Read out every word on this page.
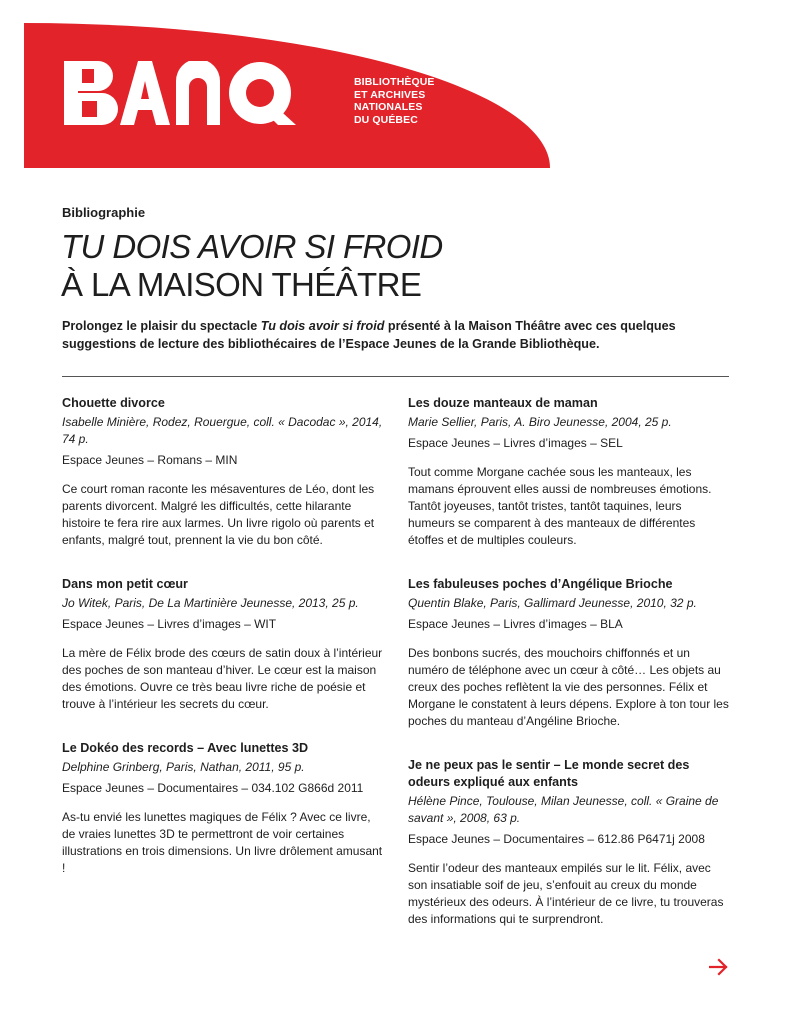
BIBLIOTHÈQUE
ET ARCHIVES
NATIONALES
DU QUÉBEC
Bibliographie
TU DOIS AVOIR SI FROID
À LA MAISON THÉÂTRE
Prolongez le plaisir du spectacle Tu dois avoir si froid présenté à la Maison Théâtre avec ces quelques suggestions de lecture des bibliothécaires de l’Espace Jeunes de la Grande Bibliothèque.
Chouette divorce

Isabelle Minière, Rodez, Rouergue, coll. « Dacodac », 2014, 74 p.

Espace Jeunes – Romans – MIN

Ce court roman raconte les mésaventures de Léo, dont les parents divorcent. Malgré les difficultés, cette hilarante histoire te fera rire aux larmes. Un livre rigolo où parents et enfants, malgré tout, prennent la vie du bon côté.

Dans mon petit cœur

Jo Witek, Paris, De La Martinière Jeunesse, 2013, 25 p.

Espace Jeunes – Livres d’images – WIT

La mère de Félix brode des cœurs de satin doux à l’intérieur des poches de son manteau d’hiver. Le cœur est la maison des émotions. Ouvre ce très beau livre riche de poésie et trouve à l’intérieur les secrets du cœur.

Le Dokéo des records – Avec lunettes 3D

Delphine Grinberg, Paris, Nathan, 2011, 95 p.

Espace Jeunes – Documentaires – 034.102 G866d 2011

As-tu envié les lunettes magiques de Félix ? Avec ce livre, de vraies lunettes 3D te permettront de voir certaines illustrations en trois dimensions. Un livre drôlement amusant !

Les douze manteaux de maman

Marie Sellier, Paris, A. Biro Jeunesse, 2004, 25 p.

Espace Jeunes – Livres d’images – SEL

Tout comme Morgane cachée sous les manteaux, les mamans éprouvent elles aussi de nombreuses émotions. Tantôt joyeuses, tantôt tristes, tantôt taquines, leurs humeurs se comparent à des manteaux de différentes étoffes et de multiples couleurs.

Les fabuleuses poches d’Angélique Brioche

Quentin Blake, Paris, Gallimard Jeunesse, 2010, 32 p.

Espace Jeunes – Livres d’images – BLA

Des bonbons sucrés, des mouchoirs chiffonnés et un numéro de téléphone avec un cœur à côté… Les objets au creux des poches reflètent la vie des personnes. Félix et Morgane le constatent à leurs dépens. Explore à ton tour les poches du manteau d’Angéline Brioche.

Je ne peux pas le sentir – Le monde secret des odeurs expliqué aux enfants

Hélène Pince, Toulouse, Milan Jeunesse, coll. « Graine de savant », 2008, 63 p.

Espace Jeunes – Documentaires – 612.86 P6471j 2008

Sentir l’odeur des manteaux empilés sur le lit. Félix, avec son insatiable soif de jeu, s’enfouit au creux du monde mystérieux des odeurs. À l’intérieur de ce livre, tu trouveras des informations qui te surprendront.
